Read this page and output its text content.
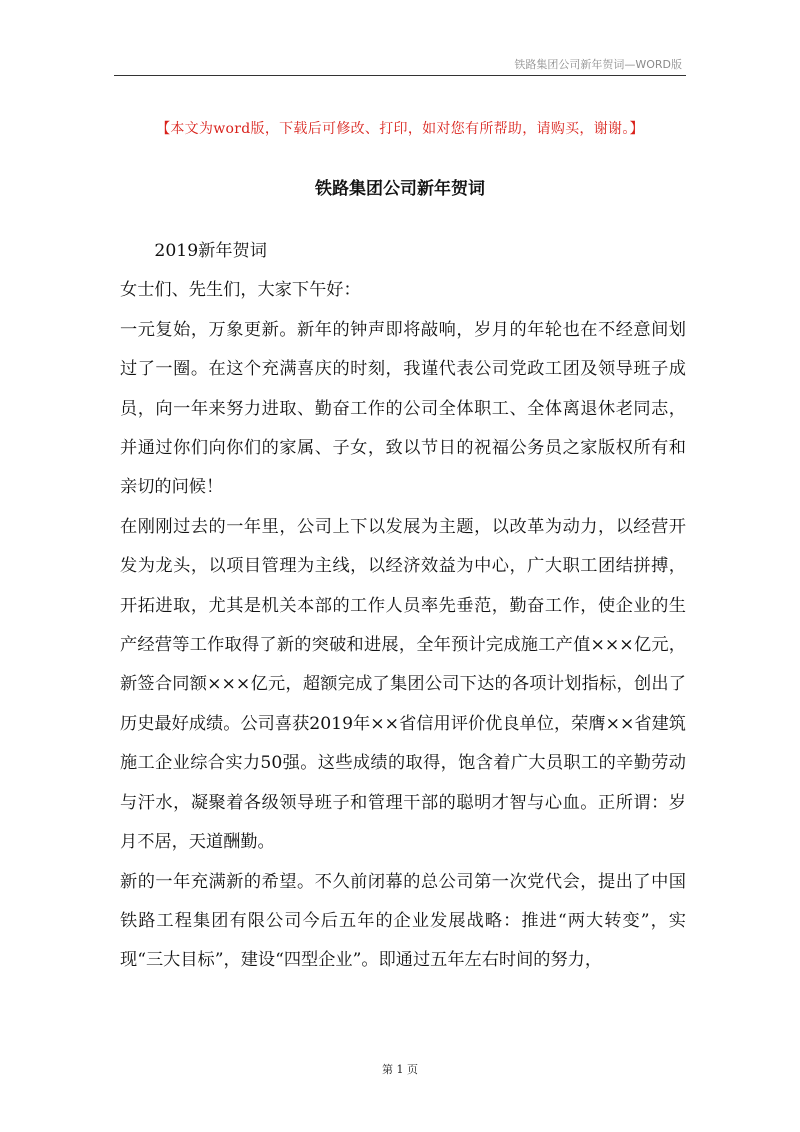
铁路集团公司新年贺词—WORD版
【本文为word版，下载后可修改、打印，如对您有所帮助，请购买，谢谢。】
铁路集团公司新年贺词

2019新年贺词

女士们、先生们，大家下午好：

一元复始，万象更新。新年的钟声即将敲响，岁月的年轮也在不经意间划过了一圈。在这个充满喜庆的时刻，我谨代表公司党政工团及领导班子成员，向一年来努力进取、勤奋工作的公司全体职工、全体离退休老同志，并通过你们向你们的家属、子女，致以节日的祝福公务员之家版权所有和亲切的问候！

在刚刚过去的一年里，公司上下以发展为主题，以改革为动力，以经营开发为龙头，以项目管理为主线，以经济效益为中心，广大职工团结拼搏，开拓进取，尤其是机关本部的工作人员率先垂范，勤奋工作，使企业的生产经营等工作取得了新的突破和进展，全年预计完成施工产值×××亿元，新签合同额×××亿元，超额完成了集团公司下达的各项计划指标，创出了历史最好成绩。公司喜获2019年××省信用评价优良单位，荣膺××省建筑施工企业综合实力50强。这些成绩的取得，饱含着广大员职工的辛勤劳动与汗水，凝聚着各级领导班子和管理干部的聪明才智与心血。正所谓：岁月不居，天道酬勤。

新的一年充满新的希望。不久前闭幕的总公司第一次党代会，提出了中国铁路工程集团有限公司今后五年的企业发展战略：推进“两大转变”，实现“三大目标”，建设“四型企业”。即通过五年左右时间的努力，

第 1 页
